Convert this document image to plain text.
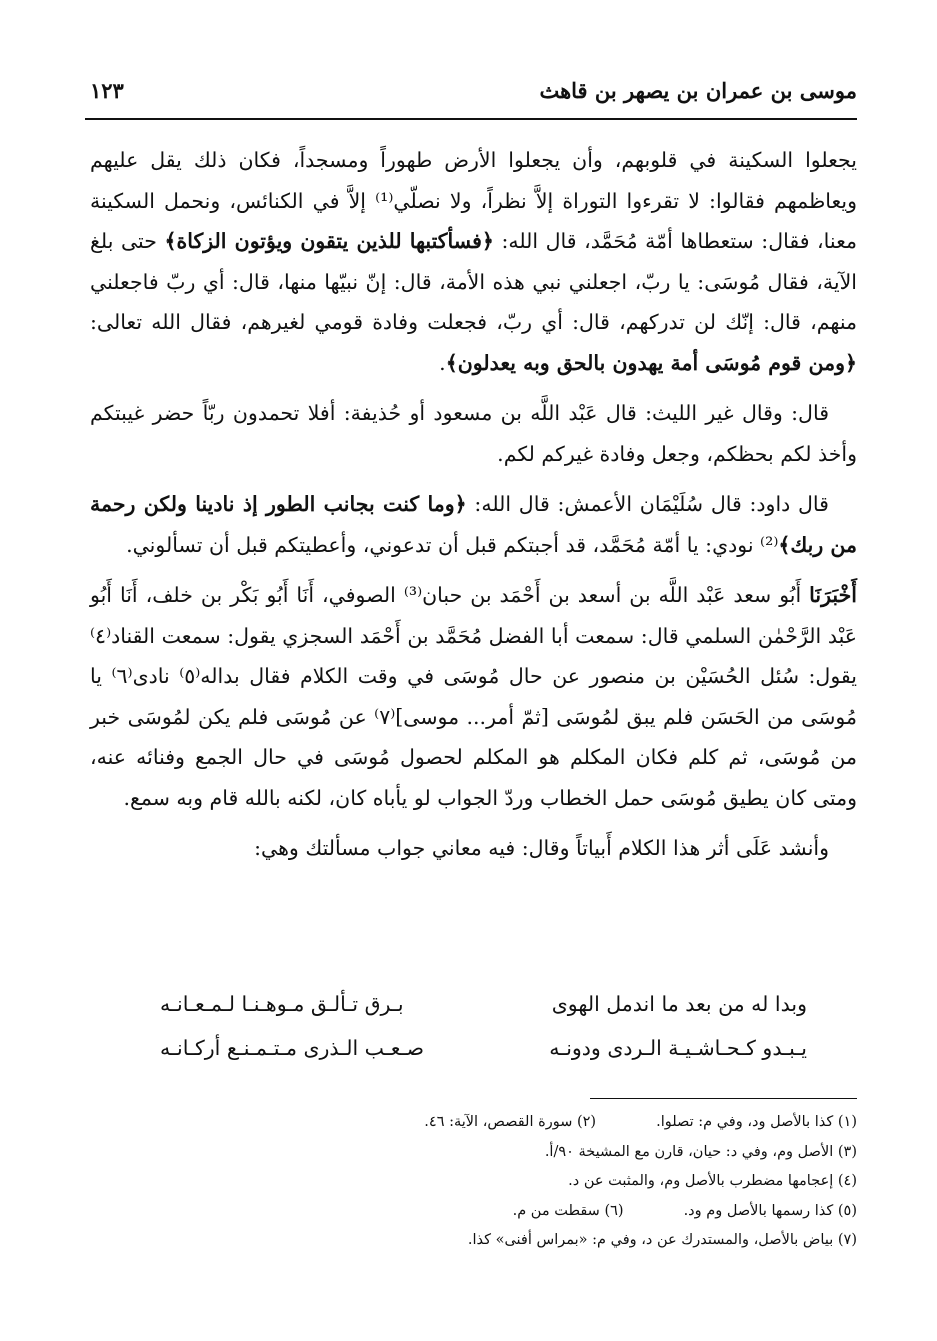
موسى بن عمران بن يصهر بن قاهث
١٢٣

يجعلوا السكينة في قلوبهم، وأن يجعلوا الأرض طهوراً ومسجداً، فكان ذلك يقل عليهم ويعاظمهم فقالوا: لا تقرءوا التوراة إلاَّ نظراً، ولا نصلّي⁽¹⁾ إلاَّ في الكنائس، ونحمل السكينة معنا، فقال: ستعطاها أمّة مُحَمَّد، قال الله: ﴿فسأكتبها للذين يتقون ويؤتون الزكاة﴾ حتى بلغ الآية، فقال مُوسَى: يا ربّ، اجعلني نبي هذه الأمة، قال: إنّ نبيّها منها، قال: أي ربّ فاجعلني منهم، قال: إنّك لن تدركهم، قال: أي ربّ، فجعلت وفادة قومي لغيرهم، فقال الله تعالى: ﴿ومن قوم مُوسَى أمة يهدون بالحق وبه يعدلون﴾.

قال: وقال غير الليث: قال عَبْد اللَّه بن مسعود أو حُذيفة: أفلا تحمدون ربّاً حضر غيبتكم وأخذ لكم بحظكم، وجعل وفادة غيركم لكم.

قال داود: قال سُلَيْمَان الأعمش: قال الله: ﴿وما كنت بجانب الطور إذ نادينا ولكن رحمة من ربك﴾⁽²⁾ نودي: يا أمّة مُحَمَّد، قد أجبتكم قبل أن تدعوني، وأعطيتكم قبل أن تسألوني.

أَخْبَرَنَا أَبُو سعد عَبْد اللَّه بن أسعد بن أَحْمَد بن حبان⁽³⁾ الصوفي، أَنَا أَبُو بَكْر بن خلف، أَنَا أَبُو عَبْد الرَّحْمٰن السلمي قال: سمعت أبا الفضل مُحَمَّد بن أَحْمَد السجزي يقول: سمعت القناد⁽٤⁾ يقول: سُئل الحُسَيْن بن منصور عن حال مُوسَى في وقت الكلام فقال بداله⁽٥⁾ نادى⁽٦⁾ يا مُوسَى من الحَسَن فلم يبق لمُوسَى [ثمّ أمر... موسى]⁽٧⁾ عن مُوسَى فلم يكن لمُوسَى خبر من مُوسَى، ثم كلم فكان المكلم هو المكلم لحصول مُوسَى في حال الجمع وفنائه عنه، ومتى كان يطيق مُوسَى حمل الخطاب وردّ الجواب لو يأباه كان، لكنه بالله قام وبه سمع.

وأنشد عَلَى أثر هذا الكلام أَبياتاً وقال: فيه معاني جواب مسألتك وهي:

وبدا له من بعد ما اندمل الهوى
بـرق تـألـق مـوهـنـا لـمـعـانـه
يـبـدو كـحـاشـيـة الـردى ودونـه
صـعـب الـذرى مـتـمـنـع أركـانـه
(١) كذا بالأصل ود، وفي م: تصلوا.
(٢) سورة القصص، الآية: ٤٦.
(٣) الأصل وم، وفي د: حيان، قارن مع المشيخة ٩٠/أ.
(٤) إعجامها مضطرب بالأصل وم، والمثبت عن د.
(٥) كذا رسمها بالأصل وم ود.
(٦) سقطت من م.
(٧) بياض بالأصل، والمستدرك عن د، وفي م: «بمراس أفنى» كذا.
